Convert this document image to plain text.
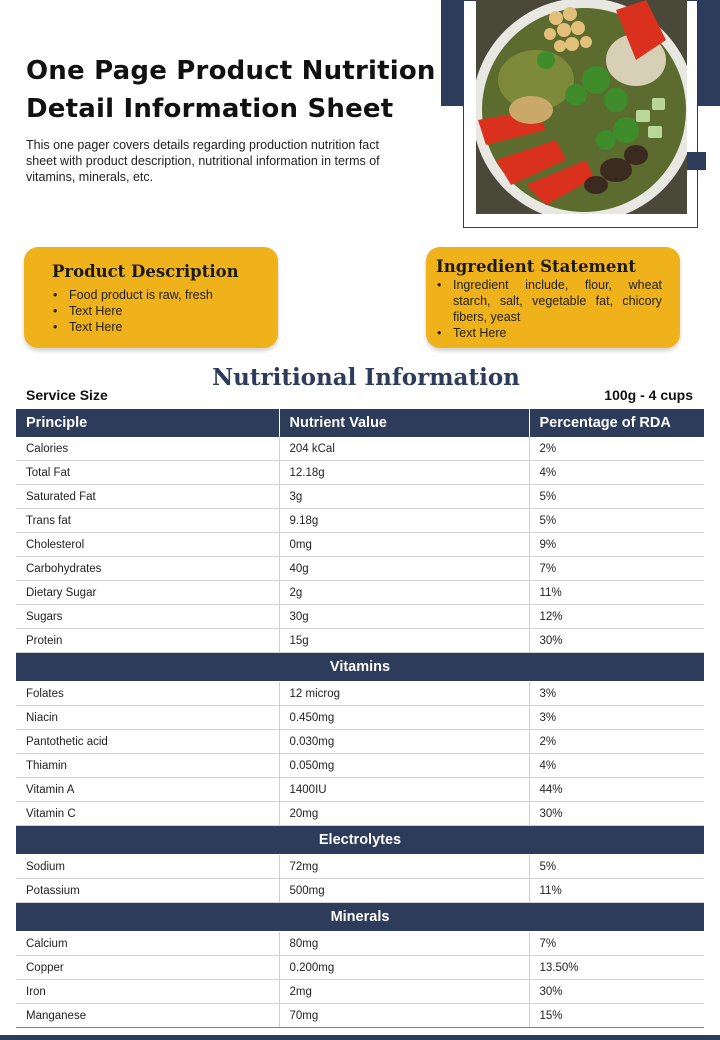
One Page Product Nutrition Detail Information Sheet

This one pager covers details regarding production nutrition fact sheet with product description, nutritional information in terms of vitamins, minerals, etc.

Product Description
• Food product is raw, fresh
• Text Here
• Text Here
Ingredient Statement
• Ingredient include, flour, wheat starch, salt, vegetable fat, chicory fibers, yeast
• Text Here
Nutritional Information
Service Size	100g - 4 cups
Principle	Nutrient Value	Percentage of RDA
Calories	204 kCal	2%
Total Fat	12.18g	4%
Saturated Fat	3g	5%
Trans fat	9.18g	5%
Cholesterol	0mg	9%
Carbohydrates	40g	7%
Dietary Sugar	2g	11%
Sugars	30g	12%
Protein	15g	30%
Vitamins		
Folates	12 microg	3%
Niacin	0.450mg	3%
Pantothetic acid	0.030mg	2%
Thiamin	0.050mg	4%
Vitamin A	1400IU	44%
Vitamin C	20mg	30%
Electrolytes		
Sodium	72mg	5%
Potassium	500mg	11%
Minerals		
Calcium	80mg	7%
Copper	0.200mg	13.50%
Iron	2mg	30%
Manganese	70mg	15%
